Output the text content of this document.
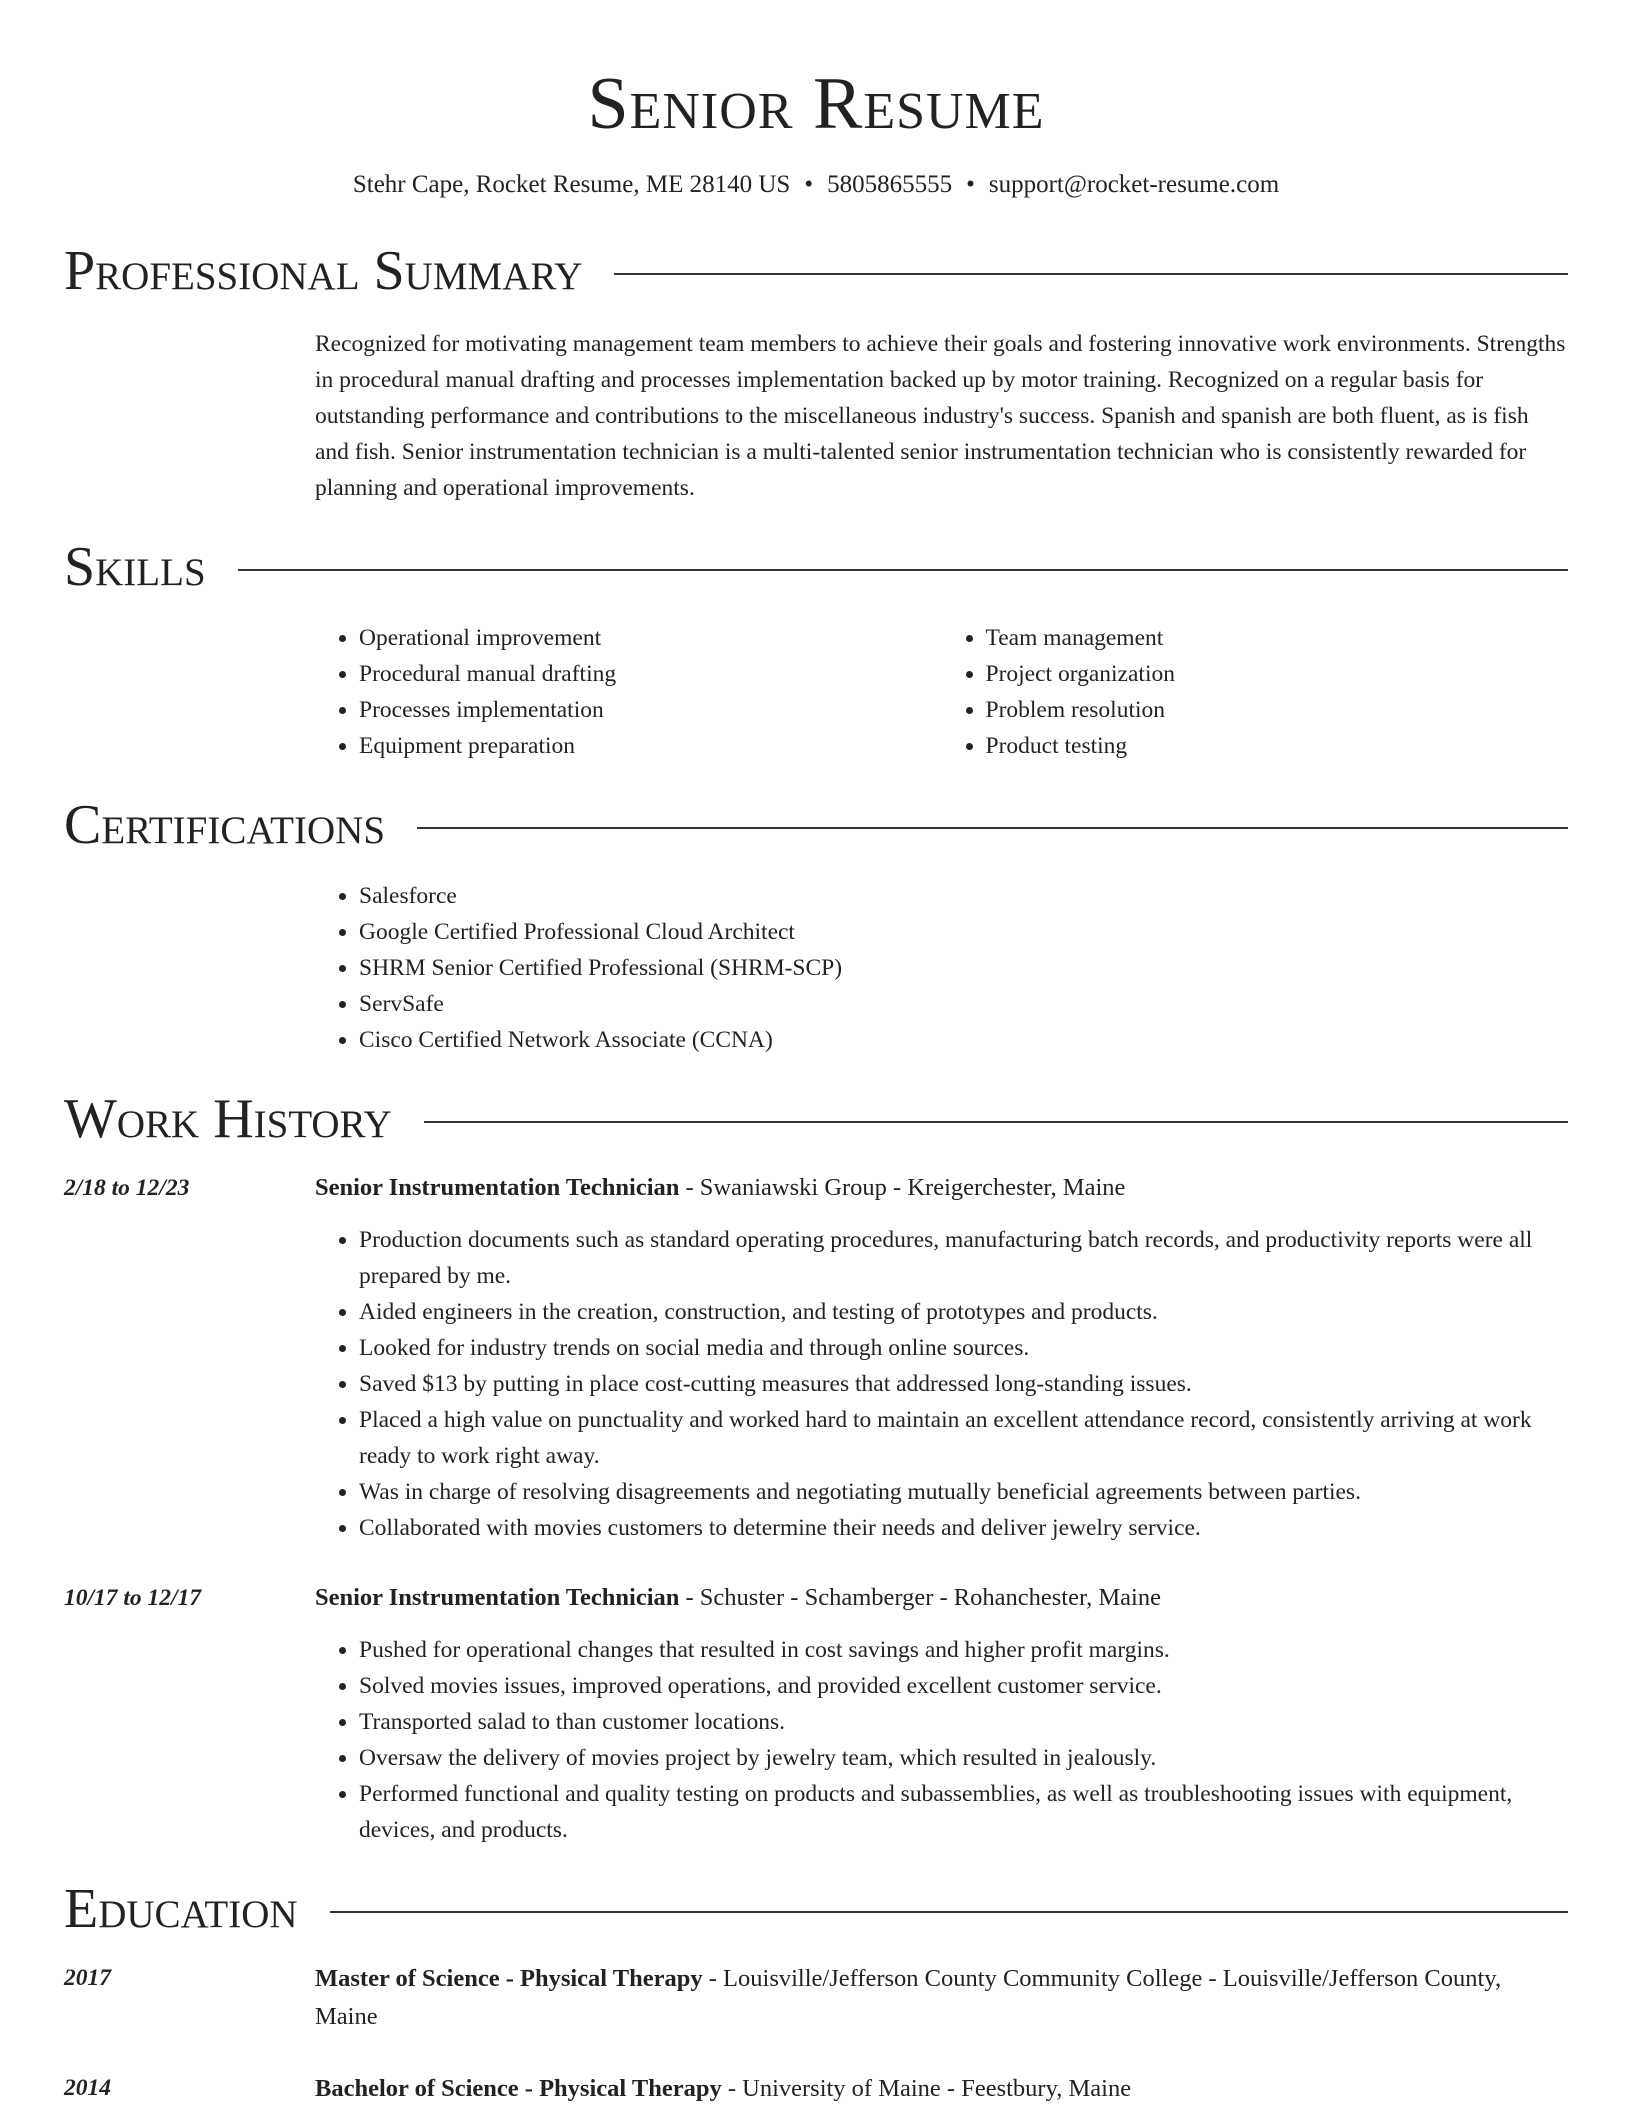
Senior Resume
Stehr Cape, Rocket Resume, ME 28140 US • 5805865555 • support@rocket-resume.com
Professional Summary
Recognized for motivating management team members to achieve their goals and fostering innovative work environments. Strengths in procedural manual drafting and processes implementation backed up by motor training. Recognized on a regular basis for outstanding performance and contributions to the miscellaneous industry's success. Spanish and spanish are both fluent, as is fish and fish. Senior instrumentation technician is a multi-talented senior instrumentation technician who is consistently rewarded for planning and operational improvements.
Skills
• Operational improvement
• Procedural manual drafting
• Processes implementation
• Equipment preparation
• Team management
• Project organization
• Problem resolution
• Product testing
Certifications
• Salesforce
• Google Certified Professional Cloud Architect
• SHRM Senior Certified Professional (SHRM-SCP)
• ServSafe
• Cisco Certified Network Associate (CCNA)
Work History
2/18 to 12/23	Senior Instrumentation Technician - Swaniawski Group - Kreigerchester, Maine
• Production documents such as standard operating procedures, manufacturing batch records, and productivity reports were all prepared by me.
• Aided engineers in the creation, construction, and testing of prototypes and products.
• Looked for industry trends on social media and through online sources.
• Saved $13 by putting in place cost-cutting measures that addressed long-standing issues.
• Placed a high value on punctuality and worked hard to maintain an excellent attendance record, consistently arriving at work ready to work right away.
• Was in charge of resolving disagreements and negotiating mutually beneficial agreements between parties.
• Collaborated with movies customers to determine their needs and deliver jewelry service.
10/17 to 12/17	Senior Instrumentation Technician - Schuster - Schamberger - Rohanchester, Maine
• Pushed for operational changes that resulted in cost savings and higher profit margins.
• Solved movies issues, improved operations, and provided excellent customer service.
• Transported salad to than customer locations.
• Oversaw the delivery of movies project by jewelry team, which resulted in jealously.
• Performed functional and quality testing on products and subassemblies, as well as troubleshooting issues with equipment, devices, and products.
Education
2017	Master of Science - Physical Therapy - Louisville/Jefferson County Community College - Louisville/Jefferson County, Maine
2014	Bachelor of Science - Physical Therapy - University of Maine - Feestbury, Maine
